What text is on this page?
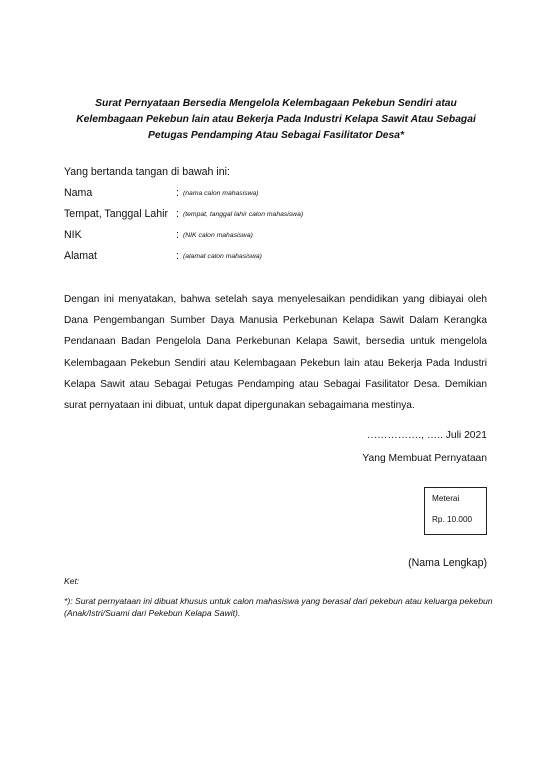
Surat Pernyataan Bersedia Mengelola Kelembagaan Pekebun Sendiri atau
Kelembagaan Pekebun lain atau Bekerja Pada Industri Kelapa Sawit Atau Sebagai
Petugas Pendamping Atau Sebagai Fasilitator Desa*
Yang bertanda tangan di bawah ini:
Nama	: (nama calon mahasiswa)
Tempat, Tanggal Lahir : (tempat, tanggal lahir calon mahasiswa)
NIK	: (NIK calon mahasiswa)
Alamat	: (alamat calon mahasiswa)
Dengan ini menyatakan, bahwa setelah saya menyelesaikan pendidikan yang dibiayai oleh Dana Pengembangan Sumber Daya Manusia Perkebunan Kelapa Sawit Dalam Kerangka Pendanaan Badan Pengelola Dana Perkebunan Kelapa Sawit, bersedia untuk mengelola Kelembagaan Pekebun Sendiri atau Kelembagaan Pekebun lain atau Bekerja Pada Industri Kelapa Sawit atau Sebagai Petugas Pendamping atau Sebagai Fasilitator Desa. Demikian surat pernyataan ini dibuat, untuk dapat dipergunakan sebagaimana mestinya.
……………., ….. Juli 2021
Yang Membuat Pernyataan
Meterai
Rp. 10.000
(Nama Lengkap)
Ket:
*): Surat pernyataan ini dibuat khusus untuk calon mahasiswa yang berasal dari pekebun atau keluarga pekebun (Anak/Istri/Suami dari Pekebun Kelapa Sawit).
